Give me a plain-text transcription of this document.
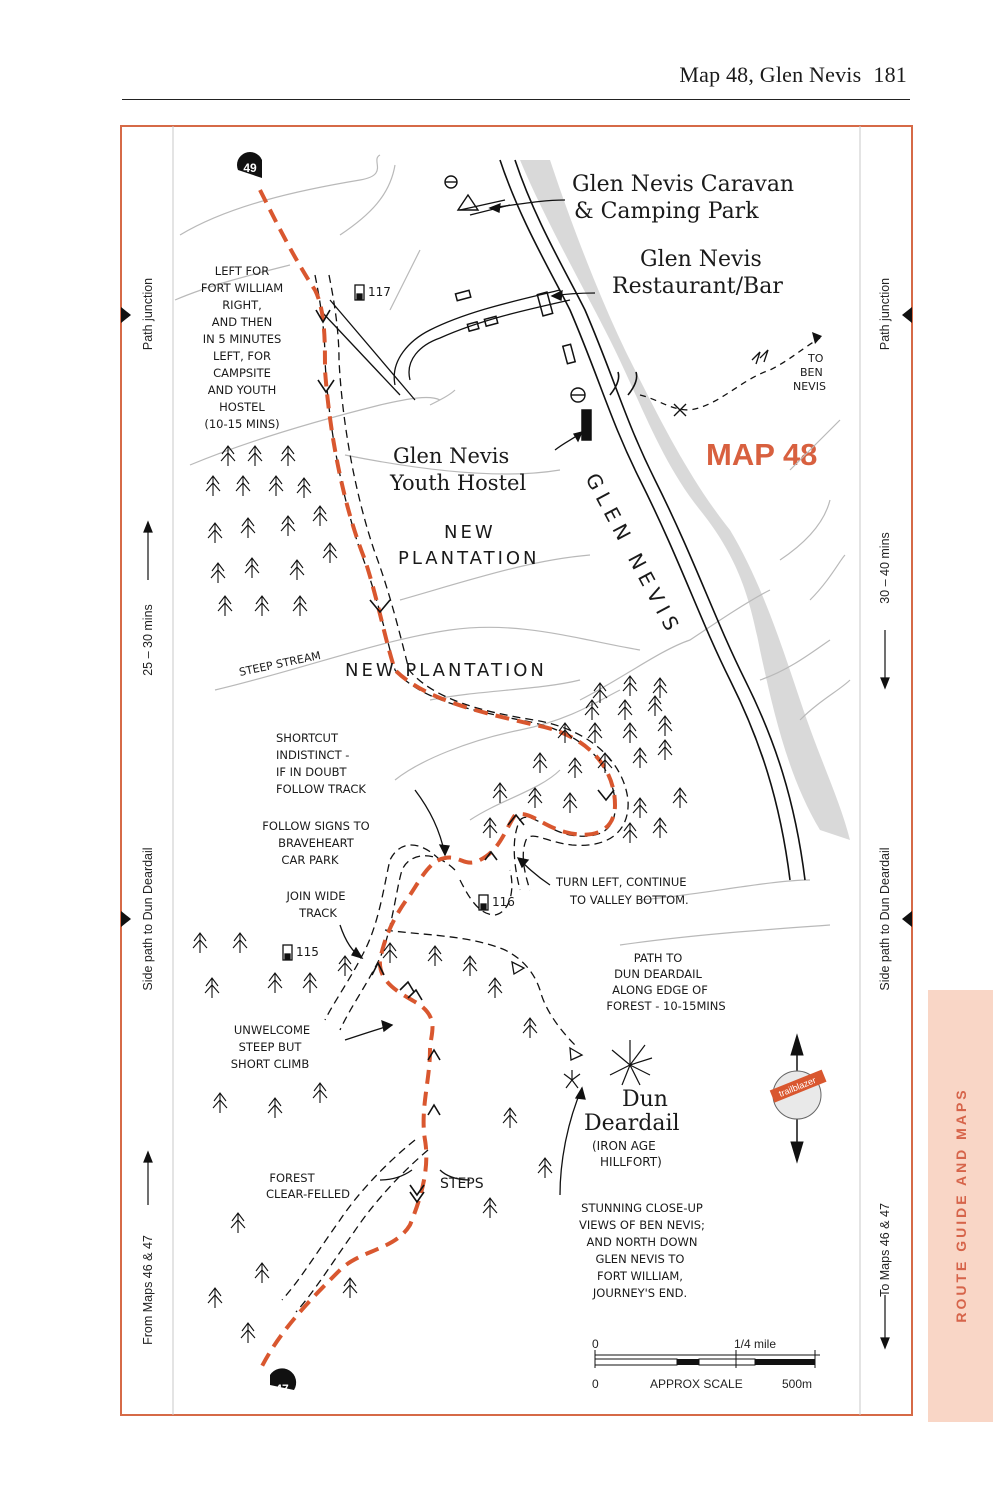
Map 48, Glen Nevis 181
ROUTE GUIDE AND MAPS
MAP 48
Path junction
25 – 30 mins
Side path to Dun Deardail
From Maps 46 & 47
Path junction
30 – 40 mins
Side path to Dun Deardail
To Maps 46 & 47
49
47
117
116
115
trailblazer
0	1/4 mile
0	APPROX SCALE	500m
Glen Nevis Caravan
& Camping Park
Glen Nevis
Restaurant/Bar
Glen Nevis
Youth Hostel	GLEN NEVIS
NEW
PLANTATION
NEW PLANTATION
STEEP STREAM
TO
BEN
NEVIS
Dun
Deardail
(IRON AGE
HILLFORT)
LEFT FOR
FORT WILLIAM
RIGHT,
AND THEN
IN 5 MINUTES
LEFT, FOR
CAMPSITE
AND YOUTH
HOSTEL
(10-15 MINS)
SHORTCUT
INDISTINCT -
IF IN DOUBT
FOLLOW TRACK
FOLLOW SIGNS TO
BRAVEHEART
CAR PARK
TURN LEFT, CONTINUE
TO VALLEY BOTTOM.
JOIN WIDE
TRACK
PATH TO
DUN DEARDAIL
ALONG EDGE OF
FOREST - 10-15MINS
UNWELCOME
STEEP BUT
SHORT CLIMB
FOREST
CLEAR-FELLED
STEPS
STUNNING CLOSE-UP
VIEWS OF BEN NEVIS;
AND NORTH DOWN
GLEN NEVIS TO
FORT WILLIAM,
JOURNEY'S END.
